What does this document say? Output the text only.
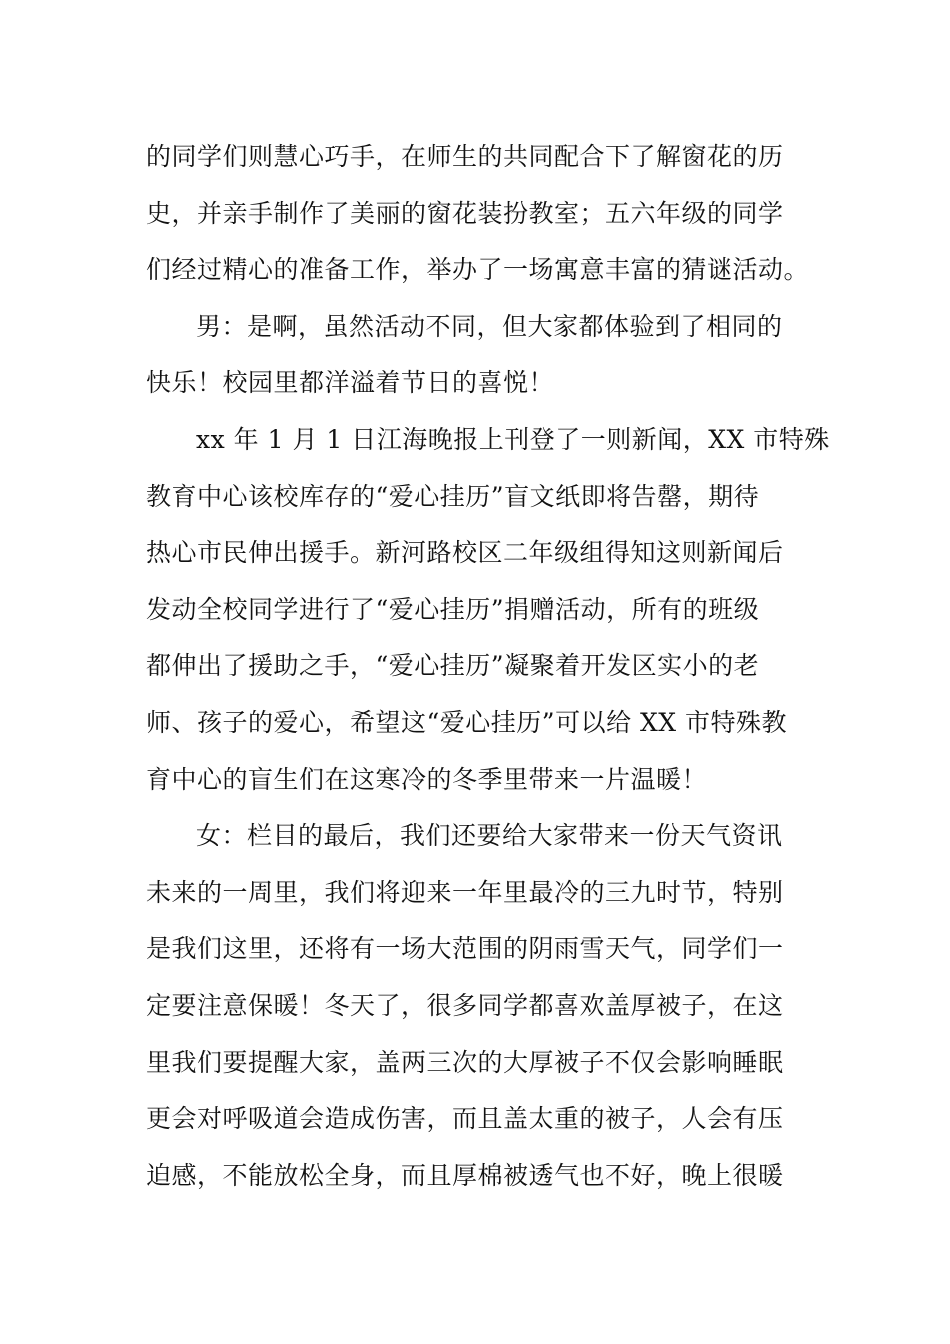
的同学们则慧心巧手，在师生的共同配合下了解窗花的历
史，并亲手制作了美丽的窗花装扮教室；五六年级的同学
们经过精心的准备工作，举办了一场寓意丰富的猜谜活动。
男：是啊，虽然活动不同，但大家都体验到了相同的
快乐！校园里都洋溢着节日的喜悦！
xx 年 1 月 1 日江海晚报上刊登了一则新闻，XX 市特殊
教育中心该校库存的“爱心挂历”盲文纸即将告罄，期待
热心市民伸出援手。新河路校区二年级组得知这则新闻后
发动全校同学进行了“爱心挂历”捐赠活动，所有的班级
都伸出了援助之手，“爱心挂历”凝聚着开发区实小的老
师、孩子的爱心，希望这“爱心挂历”可以给 XX 市特殊教
育中心的盲生们在这寒冷的冬季里带来一片温暖！
女：栏目的最后，我们还要给大家带来一份天气资讯
未来的一周里，我们将迎来一年里最冷的三九时节，特别
是我们这里，还将有一场大范围的阴雨雪天气，同学们一
定要注意保暖！冬天了，很多同学都喜欢盖厚被子，在这
里我们要提醒大家，盖两三次的大厚被子不仅会影响睡眠
更会对呼吸道会造成伤害，而且盖太重的被子，人会有压
迫感，不能放松全身，而且厚棉被透气也不好，晚上很暖
